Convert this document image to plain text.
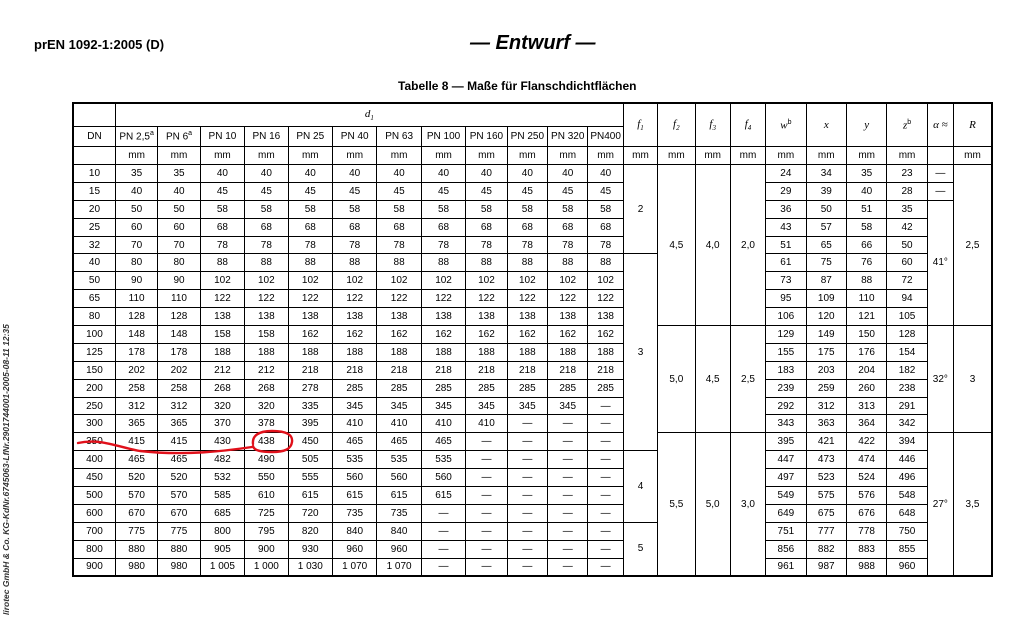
prEN 1092-1:2005 (D)	— Entwurf —
Tabelle 8 — Maße für Flanschdichtflächen
lirotec GmbH & Co. KG-KdNr.6745063-LfNr.2901744001-2005-08-11 12:35
	$d_1$												$f_1$	$f_2$	$f_3$	$f_4$	$w^b$	x	y	$z^b$	α ≈	R
DN	PN 2,5$^a$	PN 6$^a$	PN 10	PN 16	PN 25	PN 40	PN 63	PN 100	PN 160	PN 250	PN 320	PN400										
	mm	mm	mm	mm	mm	mm	mm	mm	mm	mm	mm	mm	mm	mm	mm	mm	mm	mm	mm	mm		mm
10	35	35	40	40	40	40	40	40	40	40	40	40	2	4,5	4,0	2,0	24	34	35	23	—	2,5
15	40	40	45	45	45	45	45	45	45	45	45	45					29	39	40	28	—	
20	50	50	58	58	58	58	58	58	58	58	58	58					36	50	51	35	41°	
25	60	60	68	68	68	68	68	68	68	68	68	68					43	57	58	42		
32	70	70	78	78	78	78	78	78	78	78	78	78					51	65	66	50		
40	80	80	88	88	88	88	88	88	88	88	88	88	3				61	75	76	60		
50	90	90	102	102	102	102	102	102	102	102	102	102					73	87	88	72		
65	110	110	122	122	122	122	122	122	122	122	122	122					95	109	110	94		
80	128	128	138	138	138	138	138	138	138	138	138	138					106	120	121	105		
100	148	148	158	158	162	162	162	162	162	162	162	162		5,0	4,5	2,5	129	149	150	128	32°	3
125	178	178	188	188	188	188	188	188	188	188	188	188					155	175	176	154		
150	202	202	212	212	218	218	218	218	218	218	218	218					183	203	204	182		
200	258	258	268	268	278	285	285	285	285	285	285	285					239	259	260	238		
250	312	312	320	320	335	345	345	345	345	345	345	—					292	312	313	291		
300	365	365	370	378	395	410	410	410	410	—	—	—					343	363	364	342		
350	415	415	430	438	450	465	465	465	—	—	—	—		5,5	5,0	3,0	395	421	422	394	27°	3,5
400	465	465	482	490	505	535	535	535	—	—	—	—	4				447	473	474	446		
450	520	520	532	550	555	560	560	560	—	—	—	—					497	523	524	496		
500	570	570	585	610	615	615	615	615	—	—	—	—					549	575	576	548		
600	670	670	685	725	720	735	735	—	—	—	—	—					649	675	676	648		
700	775	775	800	795	820	840	840	—	—	—	—	—	5				751	777	778	750		
800	880	880	905	900	930	960	960	—	—	—	—	—					856	882	883	855		
900	980	980	1 005	1 000	1 030	1 070	1 070	—	—	—	—	—					961	987	988	960		
